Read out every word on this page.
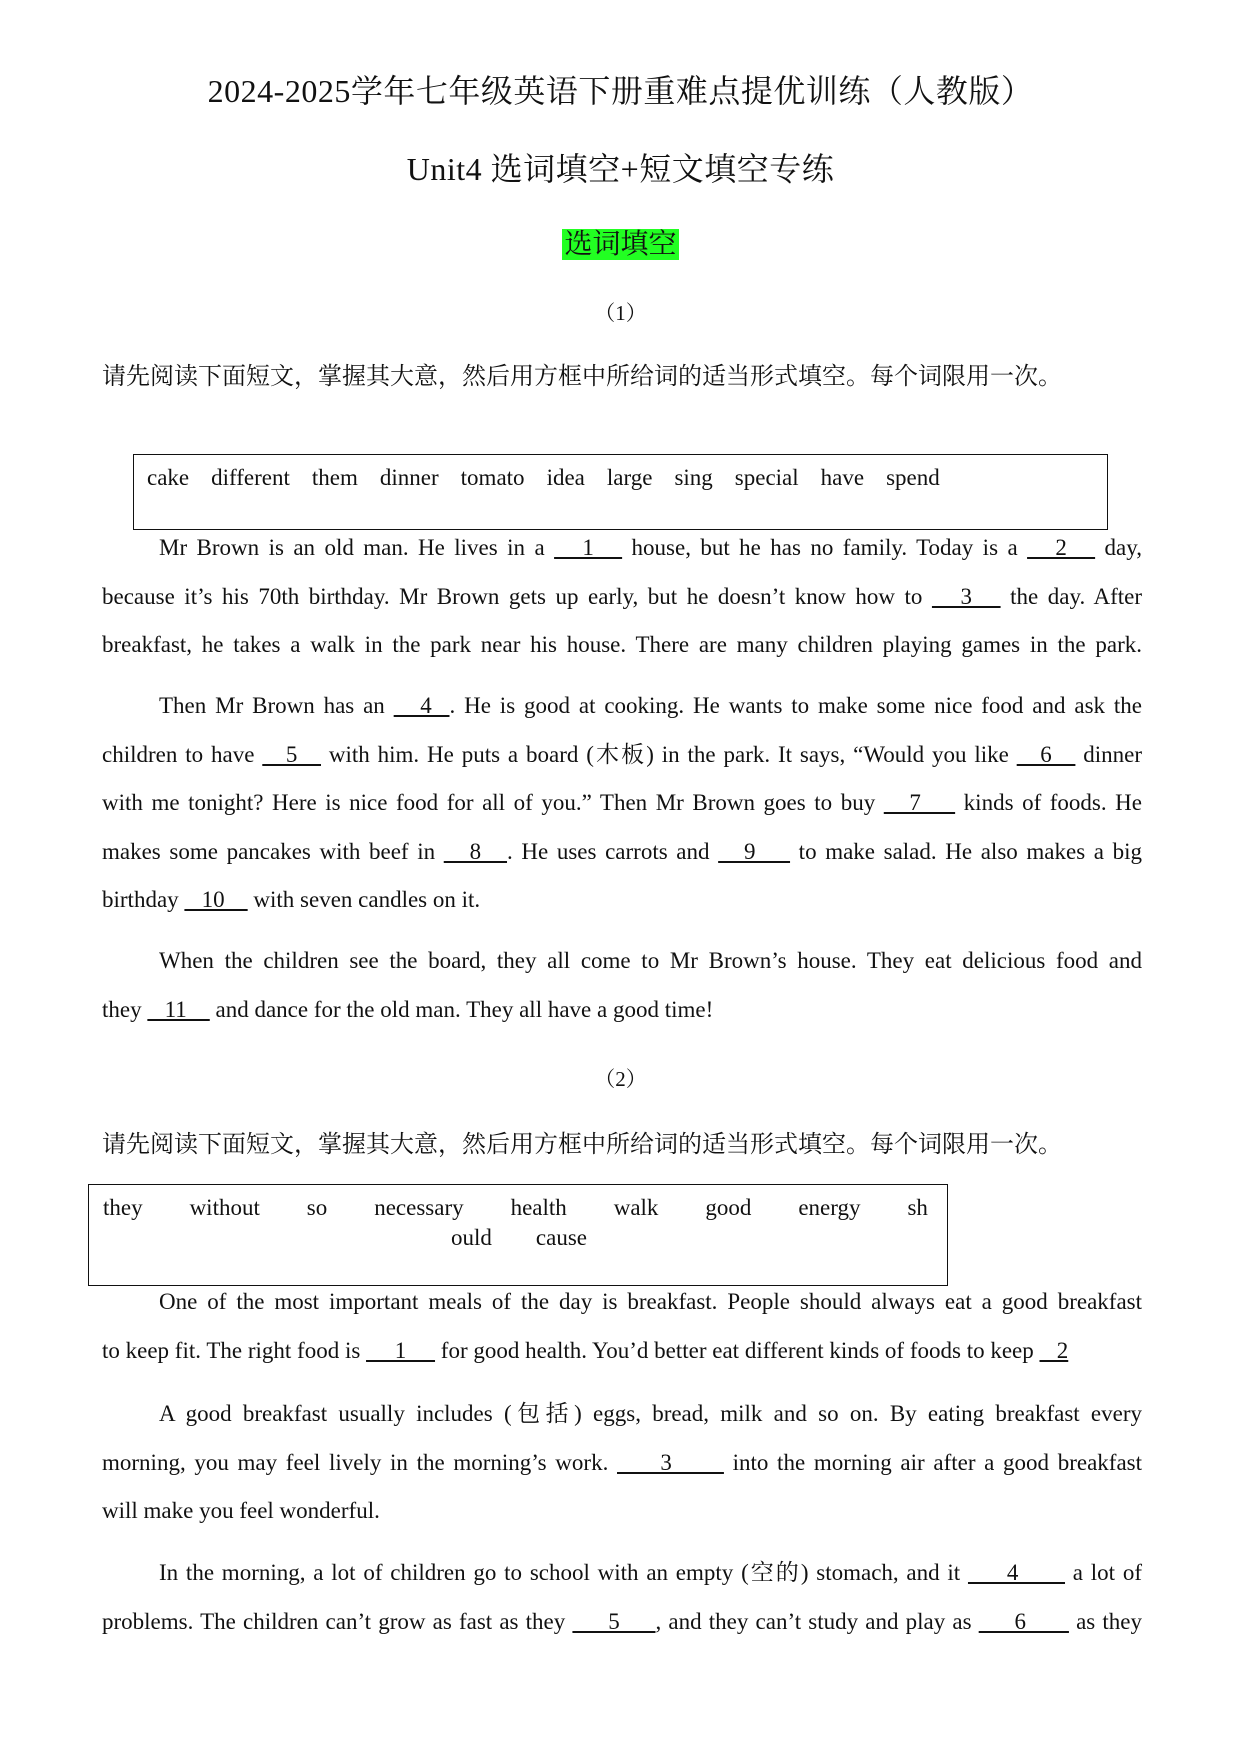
2024-2025学年七年级英语下册重难点提优训练（人教版）
Unit4 选词填空+短文填空专练
选词填空
（1）
请先阅读下面短文，掌握其大意，然后用方框中所给词的适当形式填空。每个词限用一次。
cake different them dinner tomato idea large sing special have spend
Mr Brown is an old man. He lives in a    1    house, but he has no family. Today is a    2    day,
because it’s his 70th birthday. Mr Brown gets up early, but he doesn’t know how to    3    the day. After
breakfast, he takes a walk in the park near his house. There are many children playing games in the park.
Then Mr Brown has an    4  . He is good at cooking. He wants to make some nice food and ask the
children to have    5    with him. He puts a board (木板) in the park. It says, “Would you like    6    dinner
with me tonight? Here is nice food for all of you.” Then Mr Brown goes to buy    7     kinds of foods. He
makes some pancakes with beef in    8   . He uses carrots and    9     to make salad. He also makes a big
birthday    10     with seven candles on it.
When the children see the board, they all come to Mr Brown’s house. They eat delicious food and
they    11     and dance for the old man. They all have a good time!
（2）
请先阅读下面短文，掌握其大意，然后用方框中所给词的适当形式填空。每个词限用一次。
they without so necessary health walk good energy sh
ould cause
One of the most important meals of the day is breakfast. People should always eat a good breakfast
to keep fit. The right food is      1      for good health. You’d better eat different kinds of foods to keep    2
A good breakfast usually includes (包括) eggs, bread, milk and so on. By eating breakfast every
morning, you may feel lively in the morning’s work.      3       into the morning air after a good breakfast
will make you feel wonderful.
In the morning, a lot of children go to school with an empty (空的) stomach, and it      4       a lot of
problems. The children can’t grow as fast as they      5     , and they can’t study and play as      6       as they
